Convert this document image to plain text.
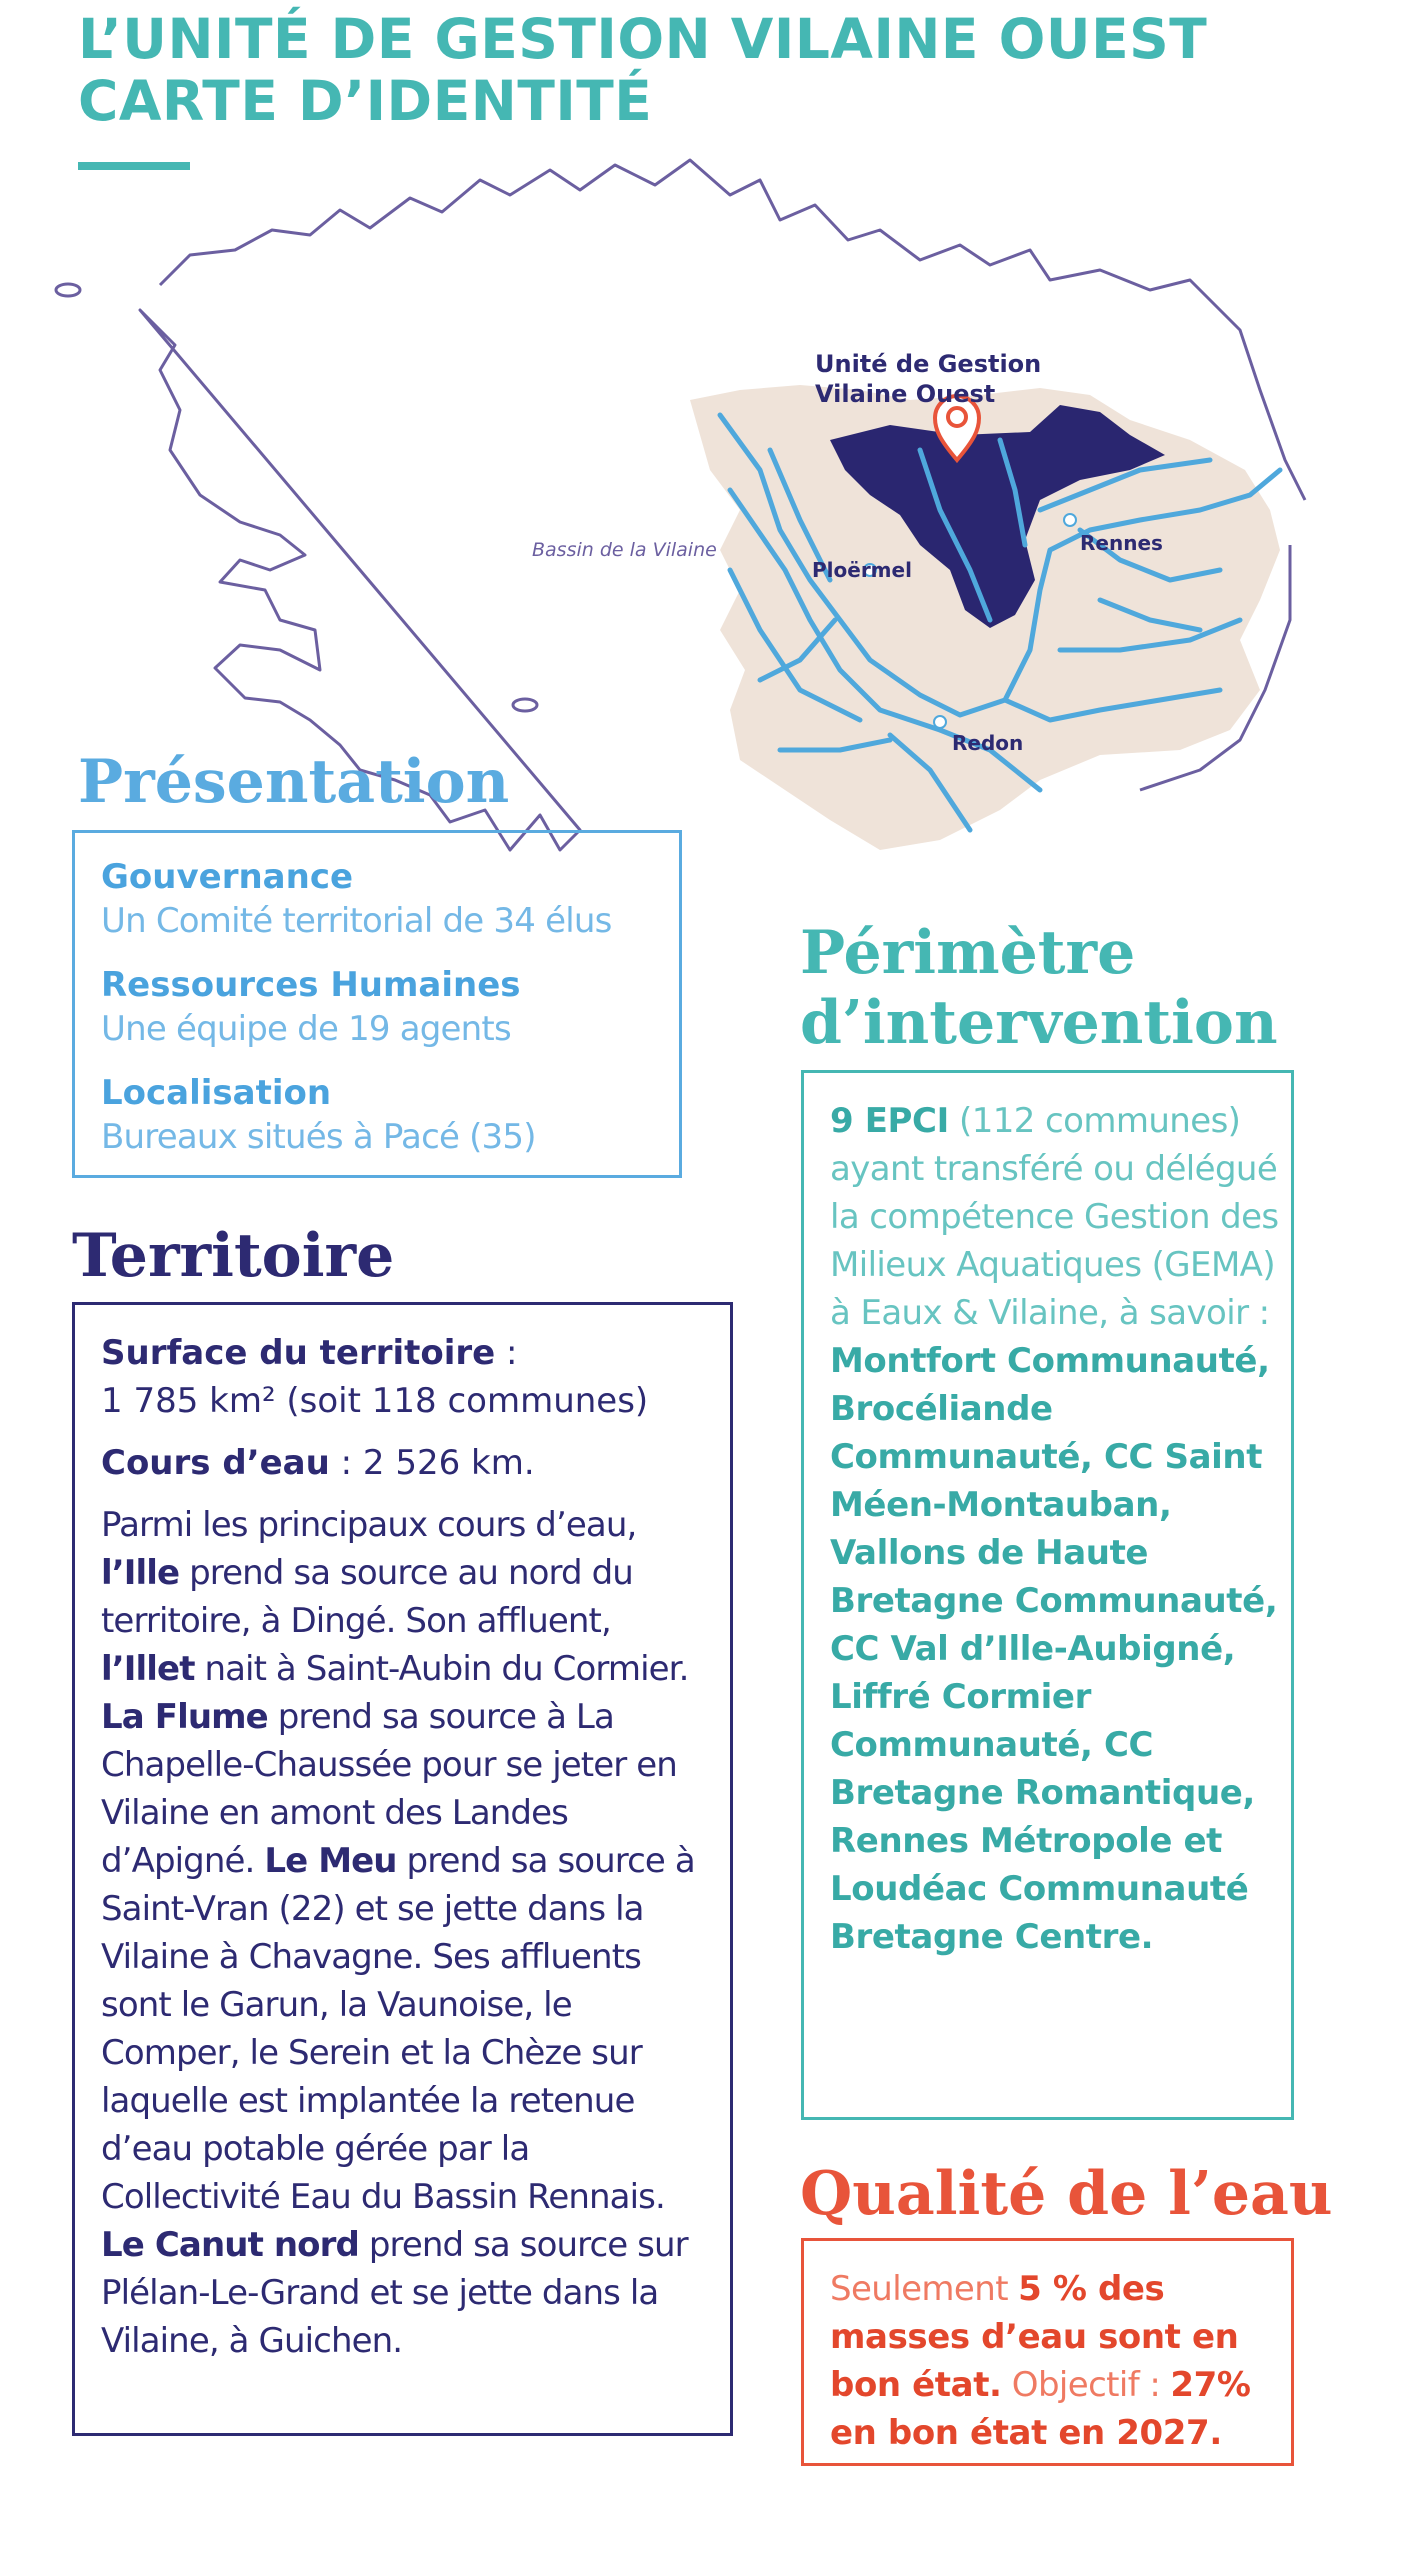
L’UNITÉ DE GESTION VILAINE OUEST
CARTE D’IDENTITÉ
Unité de Gestion
Vilaine Ouest
Bassin de la Vilaine
Ploërmel
Rennes
Redon
Présentation

Gouvernance

Un Comité territorial de 34 élus

Ressources Humaines

Une équipe de 19 agents

Localisation

Bureaux situés à Pacé (35)

Territoire

Surface du territoire :
1 785 km² (soit 118 communes)

Cours d’eau : 2 526 km.

Parmi les principaux cours d’eau, l’Ille prend sa source au nord du territoire, à Dingé. Son affluent, l’Illet nait à Saint-Aubin du Cormier. La Flume prend sa source à La Chapelle-Chaussée pour se jeter en Vilaine en amont des Landes d’Apigné. Le Meu prend sa source à Saint-Vran (22) et se jette dans la Vilaine à Chavagne. Ses affluents sont le Garun, la Vaunoise, le Comper, le Serein et la Chèze sur laquelle est implantée la retenue d’eau potable gérée par la Collectivité Eau du Bassin Rennais. Le Canut nord prend sa source sur Plélan-Le-Grand et se jette dans la Vilaine, à Guichen.

Périmètre
d’intervention

9 EPCI (112 communes) ayant transféré ou délégué la compétence Gestion des Milieux Aquatiques (GEMA) à Eaux & Vilaine, à savoir : Montfort Communauté, Brocéliande Communauté, CC Saint Méen-Montauban, Vallons de Haute Bretagne Communauté, CC Val d’Ille-Aubigné, Liffré Cormier Communauté, CC Bretagne Romantique, Rennes Métropole et Loudéac Communauté Bretagne Centre.

Qualité de l’eau

Seulement 5 % des masses d’eau sont en bon état. Objectif : 27% en bon état en 2027.
